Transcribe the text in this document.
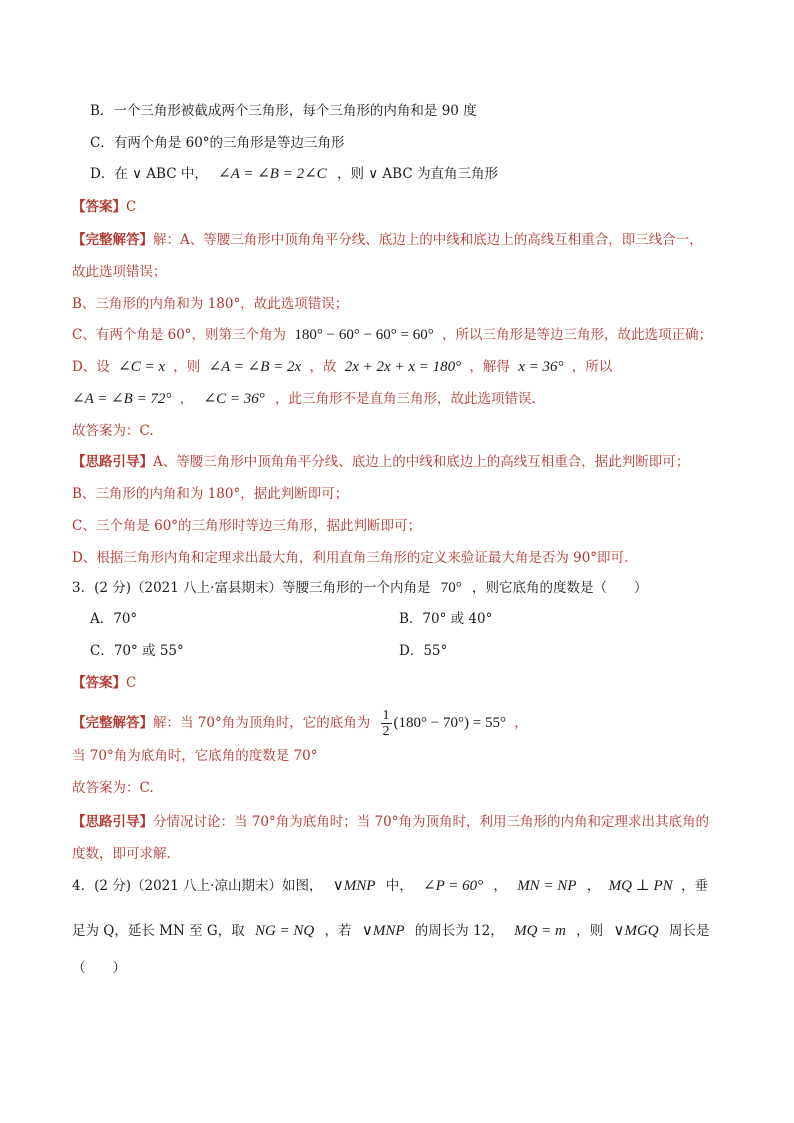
B．一个三角形被截成两个三角形，每个三角形的内角和是 90 度
C．有两个角是 60°的三角形是等边三角形
D．在 ∨ ABC 中， ∠A = ∠B = 2∠C ，则 ∨ ABC 为直角三角形
【答案】C
【完整解答】解：A、等腰三角形中顶角角平分线、底边上的中线和底边上的高线互相重合，即三线合一，
故此选项错误；
B、三角形的内角和为 180°，故此选项错误；
C、有两个角是 60°，则第三个角为 180° − 60° − 60° = 60° ，所以三角形是等边三角形，故此选项正确；
D、设 ∠C = x ，则 ∠A = ∠B = 2x ，故 2x + 2x + x = 180° ，解得 x = 36° ，所以
∠A = ∠B = 72° ， ∠C = 36° ，此三角形不是直角三角形，故此选项错误.
故答案为：C.
【思路引导】A、等腰三角形中顶角角平分线、底边上的中线和底边上的高线互相重合，据此判断即可；
B、三角形的内角和为 180°，据此判断即可；
C、三个角是 60°的三角形时等边三角形，据此判断即可；
D、根据三角形内角和定理求出最大角，利用直角三角形的定义来验证最大角是否为 90°即可.
3．(2 分)（2021 八上·富县期末）等腰三角形的一个内角是 70° ，则它底角的度数是（　　）
A．70°	B．70° 或 40°
C．70° 或 55°	D．55°
【答案】C
【完整解答】解：当 70°角为顶角时，它的底角为 $\frac{1}{2} (180^\circ - 70^\circ) = 55^\circ$ ，
当 70°角为底角时，它底角的度数是 70°
故答案为：C.
【思路引导】分情况讨论：当 70°角为底角时；当 70°角为顶角时，利用三角形的内角和定理求出其底角的
度数，即可求解.
4．(2 分)（2021 八上·凉山期末）如图， ∨MNP 中， ∠P = 60° ， MN = NP ， MQ ⊥ PN ，垂
足为 Q，延长 MN 至 G，取 NG = NQ ，若 ∨MNP 的周长为 12， MQ = m ，则 ∨MGQ 周长是
（　　）
